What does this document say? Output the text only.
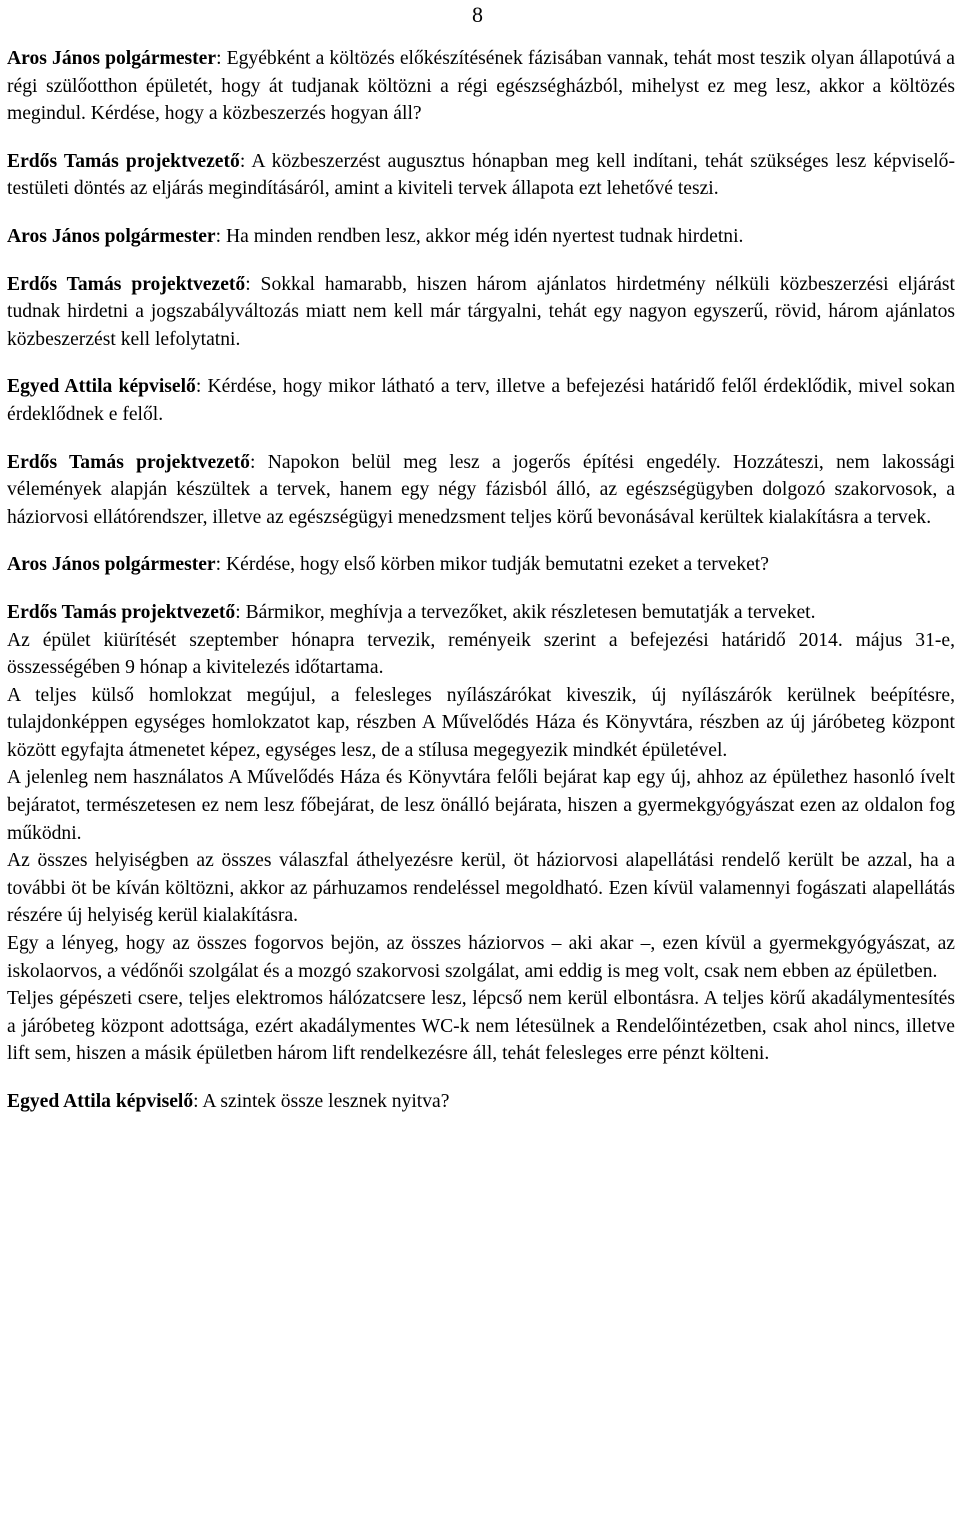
8

Aros János polgármester: Egyébként a költözés előkészítésének fázisában vannak, tehát most teszik olyan állapotúvá a régi szülőotthon épületét, hogy át tudjanak költözni a régi egészségházból, mihelyst ez meg lesz, akkor a költözés megindul. Kérdése, hogy a közbeszerzés hogyan áll?

Erdős Tamás projektvezető: A közbeszerzést augusztus hónapban meg kell indítani, tehát szükséges lesz képviselő-testületi döntés az eljárás megindításáról, amint a kiviteli tervek állapota ezt lehetővé teszi.

Aros János polgármester: Ha minden rendben lesz, akkor még idén nyertest tudnak hirdetni.

Erdős Tamás projektvezető: Sokkal hamarabb, hiszen három ajánlatos hirdetmény nélküli közbeszerzési eljárást tudnak hirdetni a jogszabályváltozás miatt nem kell már tárgyalni, tehát egy nagyon egyszerű, rövid, három ajánlatos közbeszerzést kell lefolytatni.

Egyed Attila képviselő: Kérdése, hogy mikor látható a terv, illetve a befejezési határidő felől érdeklődik, mivel sokan érdeklődnek e felől.

Erdős Tamás projektvezető: Napokon belül meg lesz a jogerős építési engedély. Hozzáteszi, nem lakossági vélemények alapján készültek a tervek, hanem egy négy fázisból álló, az egészségügyben dolgozó szakorvosok, a háziorvosi ellátórendszer, illetve az egészségügyi menedzsment teljes körű bevonásával kerültek kialakításra a tervek.

Aros János polgármester: Kérdése, hogy első körben mikor tudják bemutatni ezeket a terveket?

Erdős Tamás projektvezető: Bármikor, meghívja a tervezőket, akik részletesen bemutatják a terveket.

Az épület kiürítését szeptember hónapra tervezik, reményeik szerint a befejezési határidő 2014. május 31-e, összességében 9 hónap a kivitelezés időtartama.

A teljes külső homlokzat megújul, a felesleges nyílászárókat kiveszik, új nyílászárók kerülnek beépítésre, tulajdonképpen egységes homlokzatot kap, részben A Művelődés Háza és Könyvtára, részben az új járóbeteg központ között egyfajta átmenetet képez, egységes lesz, de a stílusa megegyezik mindkét épületével.

A jelenleg nem használatos A Művelődés Háza és Könyvtára felőli bejárat kap egy új, ahhoz az épülethez hasonló ívelt bejáratot, természetesen ez nem lesz főbejárat, de lesz önálló bejárata, hiszen a gyermekgyógyászat ezen az oldalon fog működni.

Az összes helyiségben az összes válaszfal áthelyezésre kerül, öt háziorvosi alapellátási rendelő került be azzal, ha a további öt be kíván költözni, akkor az párhuzamos rendeléssel megoldható. Ezen kívül valamennyi fogászati alapellátás részére új helyiség kerül kialakításra.

Egy a lényeg, hogy az összes fogorvos bejön, az összes háziorvos – aki akar –, ezen kívül a gyermekgyógyászat, az iskolaorvos, a védőnői szolgálat és a mozgó szakorvosi szolgálat, ami eddig is meg volt, csak nem ebben az épületben.

Teljes gépészeti csere, teljes elektromos hálózatcsere lesz, lépcső nem kerül elbontásra. A teljes körű akadálymentesítés a járóbeteg központ adottsága, ezért akadálymentes WC-k nem létesülnek a Rendelőintézetben, csak ahol nincs, illetve lift sem, hiszen a másik épületben három lift rendelkezésre áll, tehát felesleges erre pénzt költeni.

Egyed Attila képviselő: A szintek össze lesznek nyitva?
